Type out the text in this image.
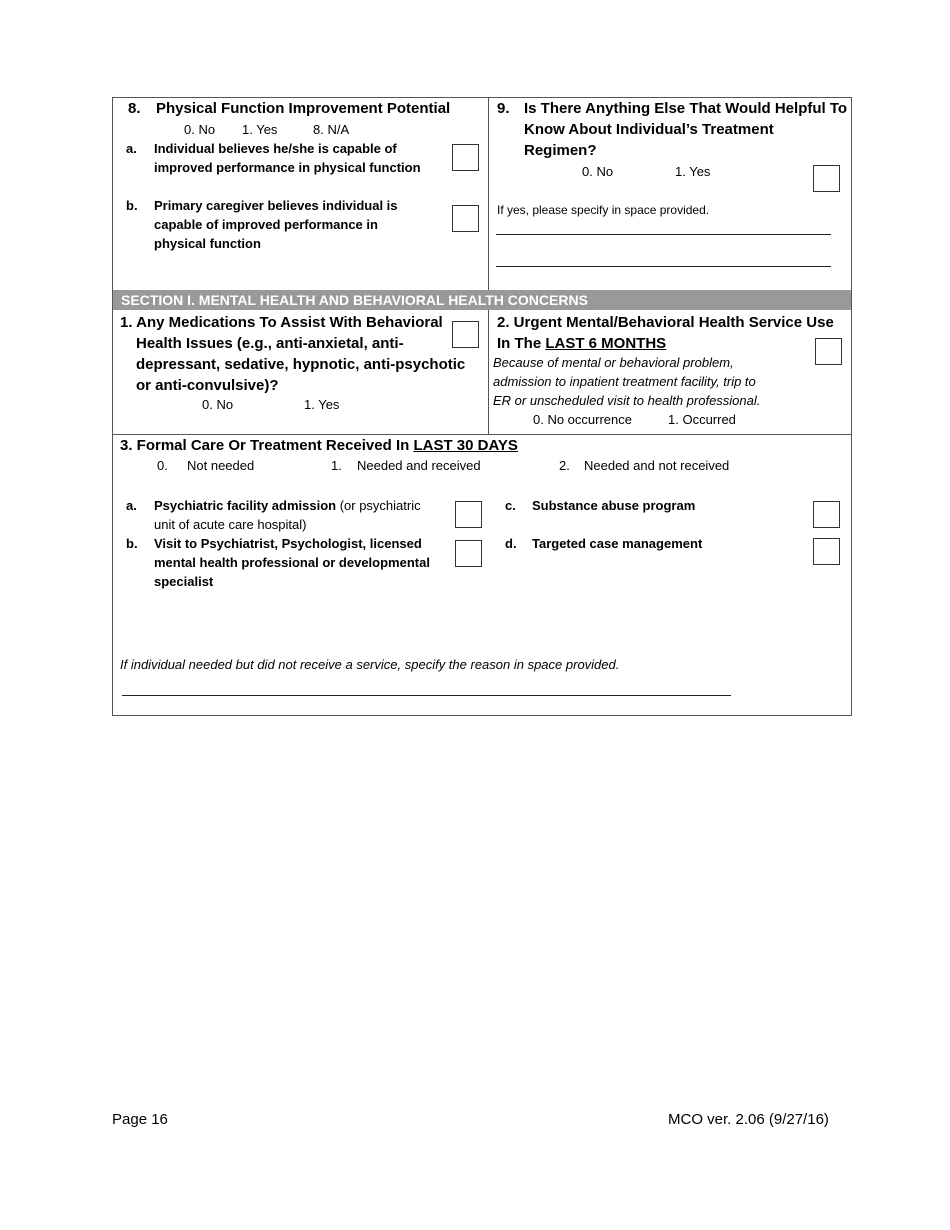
SECTION I. MENTAL HEALTH AND BEHAVIORAL HEALTH CONCERNS
8. Physical Function Improvement Potential
0. No 1. Yes	8. N/A
a. Individual believes he/she is capable of
improved performance in physical function
b. Primary caregiver believes individual is
capable of improved performance in
physical function
9. Is There Anything Else That Would Helpful To
Know About Individual’s Treatment
Regimen?
0. No	1. Yes
If yes, please specify in space provided.
1. Any Medications To Assist With Behavioral
Health Issues (e.g., anti-anxietal, anti-
depressant, sedative, hypnotic, anti-psychotic
or anti-convulsive)?
0. No	1. Yes
2. Urgent Mental/Behavioral Health Service Use
In The LAST 6 MONTHS
Because of mental or behavioral problem,
admission to inpatient treatment facility, trip to
ER or unscheduled visit to health professional.
0. No occurrence	1. Occurred
3. Formal Care Or Treatment Received In LAST 30 DAYS
0. Not needed	1. Needed and received	2. Needed and not received
a. Psychiatric facility admission (or psychiatric
unit of acute care hospital)
b. Visit to Psychiatrist, Psychologist, licensed
mental health professional or developmental
specialist
c. Substance abuse program
d. Targeted case management
If individual needed but did not receive a service, specify the reason in space provided.
Page 16	MCO ver. 2.06 (9/27/16)
